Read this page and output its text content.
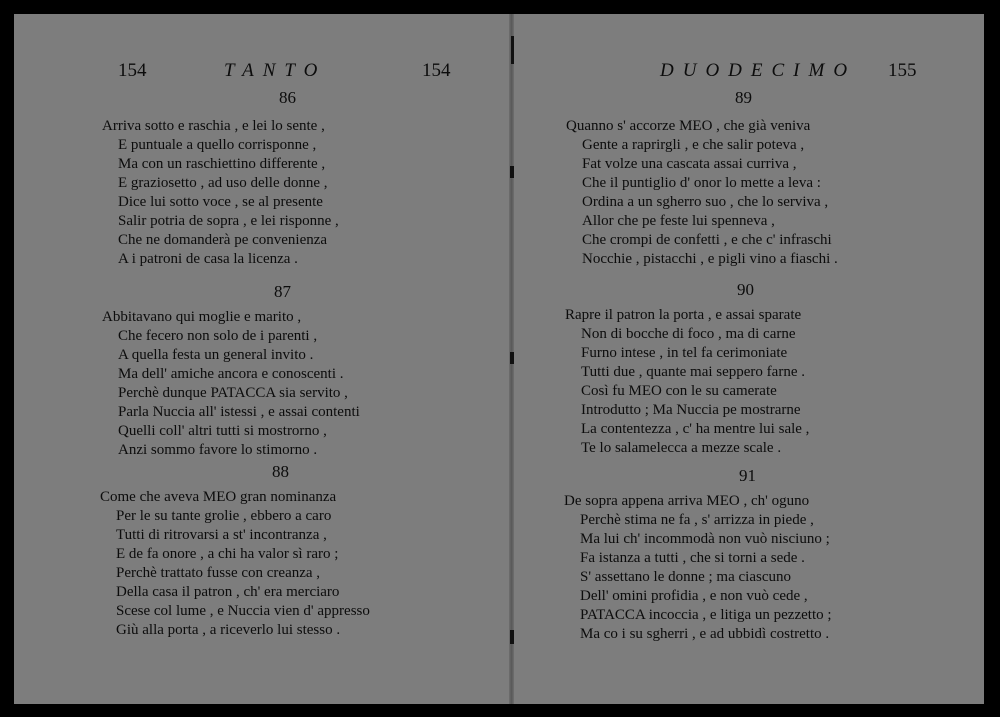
154	TANTO	154
86
Arriva sotto e raschia , e lei lo sente ,
E puntuale a quello corrisponne ,
Ma con un raschiettino differente ,
E graziosetto , ad uso delle donne ,
Dice lui sotto voce , se al presente
Salir potria de sopra , e lei risponne ,
Che ne domanderà pe convenienza
A i patroni de casa la licenza .
87
Abbitavano qui moglie e marito ,
Che fecero non solo de i parenti ,
A quella festa un general invito .
Ma dell' amiche ancora e conoscenti .
Perchè dunque PATACCA sia servito ,
Parla Nuccia all' istessi , e assai contenti
Quelli coll' altri tutti si mostrorno ,
Anzi sommo favore lo stimorno .
88
Come che aveva MEO gran nominanza
Per le su tante grolie , ebbero a caro
Tutti di ritrovarsi a st' incontranza ,
E de fa onore , a chi ha valor sì raro ;
Perchè trattato fusse con creanza ,
Della casa il patron , ch' era merciaro
Scese col lume , e Nuccia vien d' appresso
Giù alla porta , a riceverlo lui stesso .
DUODECIMO 155
89
Quanno s' accorze MEO , che già veniva
Gente a raprirgli , e che salir poteva ,
Fat volze una cascata assai curriva ,
Che il puntiglio d' onor lo mette a leva :
Ordina a un sgherro suo , che lo serviva ,
Allor che pe feste lui spenneva ,
Che crompi de confetti , e che c' infraschi
Nocchie , pistacchi , e pigli vino a fiaschi .
90
Rapre il patron la porta , e assai sparate
Non di bocche di foco , ma di carne
Furno intese , in tel fa cerimoniate
Tutti due , quante mai seppero farne .
Così fu MEO con le su camerate
Introdutto ; Ma Nuccia pe mostrarne
La contentezza , c' ha mentre lui sale ,
Te lo salamelecca a mezze scale .
91
De sopra appena arriva MEO , ch' oguno
Perchè stima ne fa , s' arrizza in piede ,
Ma lui ch' incommodà non vuò nisciuno ;
Fa istanza a tutti , che si torni a sede .
S' assettano le donne ; ma ciascuno
Dell' omini profidia , e non vuò cede ,
PATACCA incoccia , e litiga un pezzetto ;
Ma co i su sgherri , e ad ubbidì costretto .
